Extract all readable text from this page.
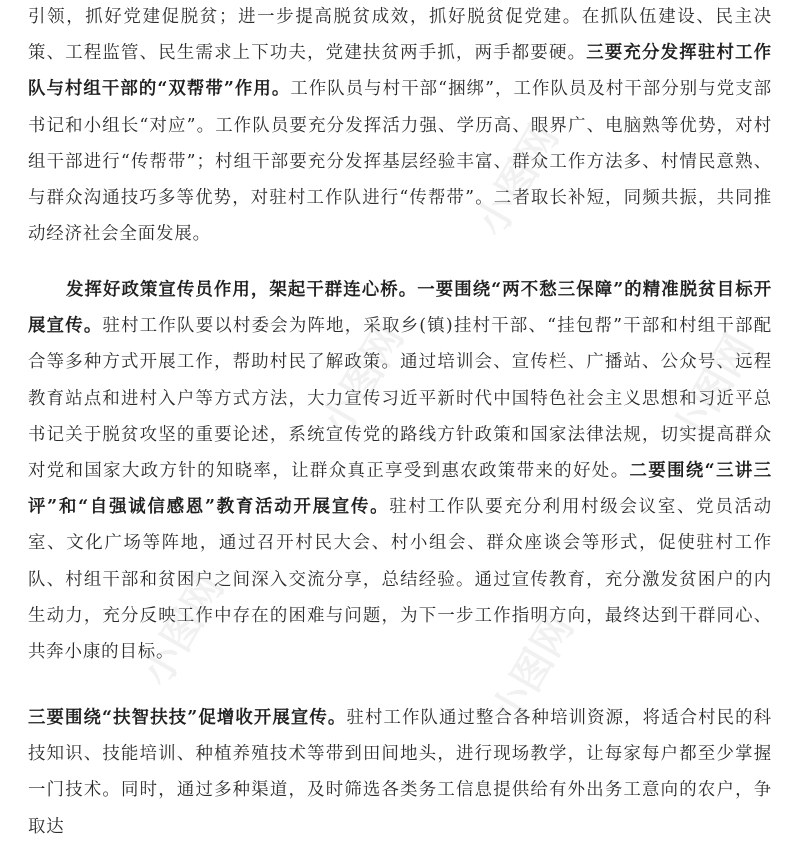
引领，抓好党建促脱贫；进一步提高脱贫成效，抓好脱贫促党建。在抓队伍建设、民主决策、工程监管、民生需求上下功夫，党建扶贫两手抓，两手都要硬。三要充分发挥驻村工作队与村组干部的“双帮带”作用。工作队员与村干部“捆绑”，工作队员及村干部分别与党支部书记和小组长“对应”。工作队员要充分发挥活力强、学历高、眼界广、电脑熟等优势，对村组干部进行“传帮带”；村组干部要充分发挥基层经验丰富、群众工作方法多、村情民意熟、与群众沟通技巧多等优势，对驻村工作队进行“传帮带”。二者取长补短，同频共振，共同推动经济社会全面发展。

发挥好政策宣传员作用，架起干群连心桥。一要围绕“两不愁三保障”的精准脱贫目标开展宣传。驻村工作队要以村委会为阵地，采取乡(镇)挂村干部、“挂包帮”干部和村组干部配合等多种方式开展工作，帮助村民了解政策。通过培训会、宣传栏、广播站、公众号、远程教育站点和进村入户等方式方法，大力宣传习近平新时代中国特色社会主义思想和习近平总书记关于脱贫攻坚的重要论述，系统宣传党的路线方针政策和国家法律法规，切实提高群众对党和国家大政方针的知晓率，让群众真正享受到惠农政策带来的好处。二要围绕“三讲三评”和“自强诚信感恩”教育活动开展宣传。驻村工作队要充分利用村级会议室、党员活动室、文化广场等阵地，通过召开村民大会、村小组会、群众座谈会等形式，促使驻村工作队、村组干部和贫困户之间深入交流分享，总结经验。通过宣传教育，充分激发贫困户的内生动力，充分反映工作中存在的困难与问题，为下一步工作指明方向，最终达到干群同心、共奔小康的目标。

三要围绕“扶智扶技”促增收开展宣传。驻村工作队通过整合各种培训资源，将适合村民的科技知识、技能培训、种植养殖技术等带到田间地头，进行现场教学，让每家每户都至少掌握一门技术。同时，通过多种渠道，及时筛选各类务工信息提供给有外出务工意向的农户，争取达

小图网
小图网
小图网	小图网
小图网
